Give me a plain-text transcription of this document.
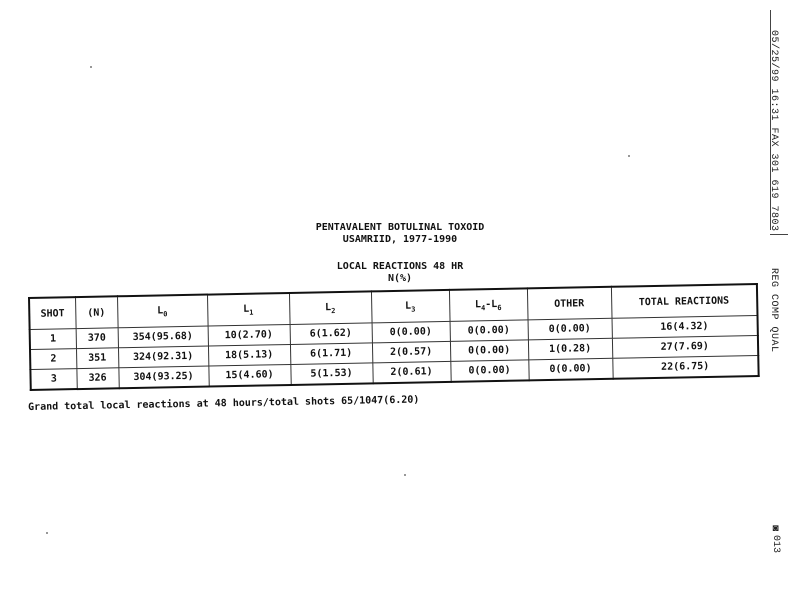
05/25/99 16:31 FAX 301 619 7803
REG COMP QUAL
◙013
PENTAVALENT BOTULINAL TOXOID
USAMRIID, 1977-1990
LOCAL REACTIONS 48 HR
N(%)
SHOT	(N)	$L_0$	$L_1$	$L_2$	$L_3$	$L_4-L_6$	OTHER	TOTAL REACTIONS
1	370	354(95.68)	10(2.70)	6(1.62)	0(0.00)	0(0.00)	0(0.00)	16(4.32)
2	351	324(92.31)	18(5.13)	6(1.71)	2(0.57)	0(0.00)	1(0.28)	27(7.69)
3	326	304(93.25)	15(4.60)	5(1.53)	2(0.61)	0(0.00)	0(0.00)	22(6.75)
Grand total local reactions at 48 hours/total shots 65/1047(6.20)
